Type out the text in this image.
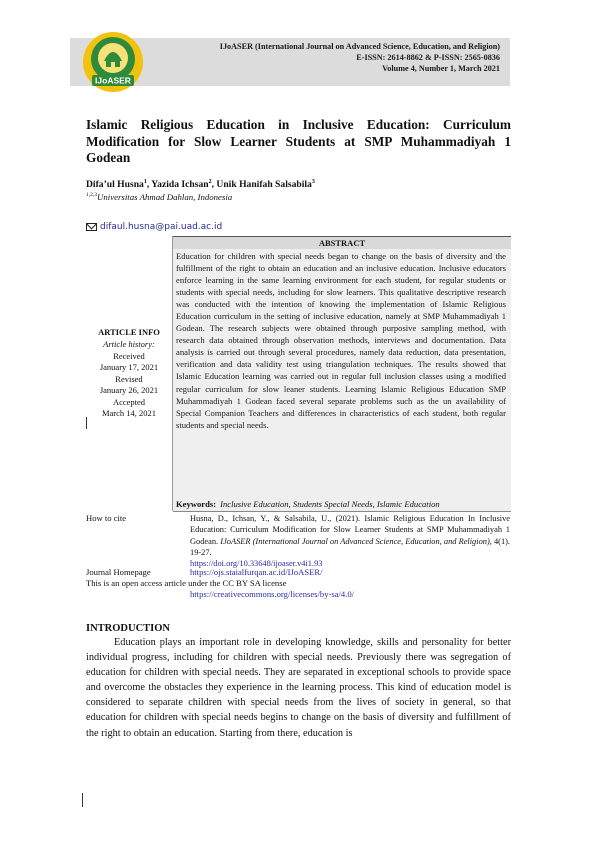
IJoASER
IJoASER (International Journal on Advanced Science, Education, and Religion)
E-ISSN: 2614-8862 & P-ISSN: 2565-0836
Volume 4, Number 1, March 2021
Islamic Religious Education in Inclusive Education: Curriculum Modification for Slow Learner Students at SMP Muhammadiyah 1 Godean
Difa’ul Husna$^1$, Yazida Ichsan$^2$, Unik Hanifah Salsabila$^3$
$^{1,2,3}$Universitas Ahmad Dahlan, Indonesia
difaul.husna@pai.uad.ac.id
ABSTRACT
Education for children with special needs began to change on the basis of diversity and the fulfillment of the right to obtain an education and an inclusive education. Inclusive educators enforce learning in the same learning environment for each student, for regular students or students with special needs, including for slow learners. This qualitative descriptive research was conducted with the intention of knowing the implementation of Islamic Religious Education curriculum in the setting of inclusive education, namely at SMP Muhammadiyah 1 Godean. The research subjects were obtained through purposive sampling method, with research data obtained through observation methods, interviews and documentation. Data analysis is carried out through several procedures, namely data reduction, data presentation, verification and data validity test using triangulation techniques. The results showed that Islamic Education learning was carried out in regular full inclusion classes using a modified regular curriculum for slow leaner students. Learning Islamic Religious Education SMP Muhammadiyah 1 Godean faced several separate problems such as the un availability of Special Companion Teachers and differences in characteristics of each student, both regular students and special needs.
Keywords: Inclusive Education, Students Special Needs, Islamic Education
ARTICLE INFO
Article history:
Received
January 17, 2021
Revised
January 26, 2021
Accepted
March 14, 2021
How to cite	Husna, D., Ichsan, Y., & Salsabila, U., (2021). Islamic Religious Education In Inclusive Education: Curriculum Modification for Slow Learner Students at SMP Muhammadiyah 1 Godean. IJoASER (International Journal on Advanced Science, Education, and Religion), 4(1). 19-27.
https://doi.org/10.33648/ijoaser.v4i1.93
Journal Homepage	https://ojs.staialfurqan.ac.id/IJoASER/
This is an open access article under the CC BY SA license
https://creativecommons.org/licenses/by-sa/4.0/
INTRODUCTION
Education plays an important role in developing knowledge, skills and personality for better individual progress, including for children with special needs. Previously there was segregation of education for children with special needs. They are separated in exceptional schools to provide space and overcome the obstacles they experience in the learning process. This kind of education model is considered to separate children with special needs from the lives of society in general, so that education for children with special needs begins to change on the basis of diversity and fulfillment of the right to obtain an education. Starting from there, education is
